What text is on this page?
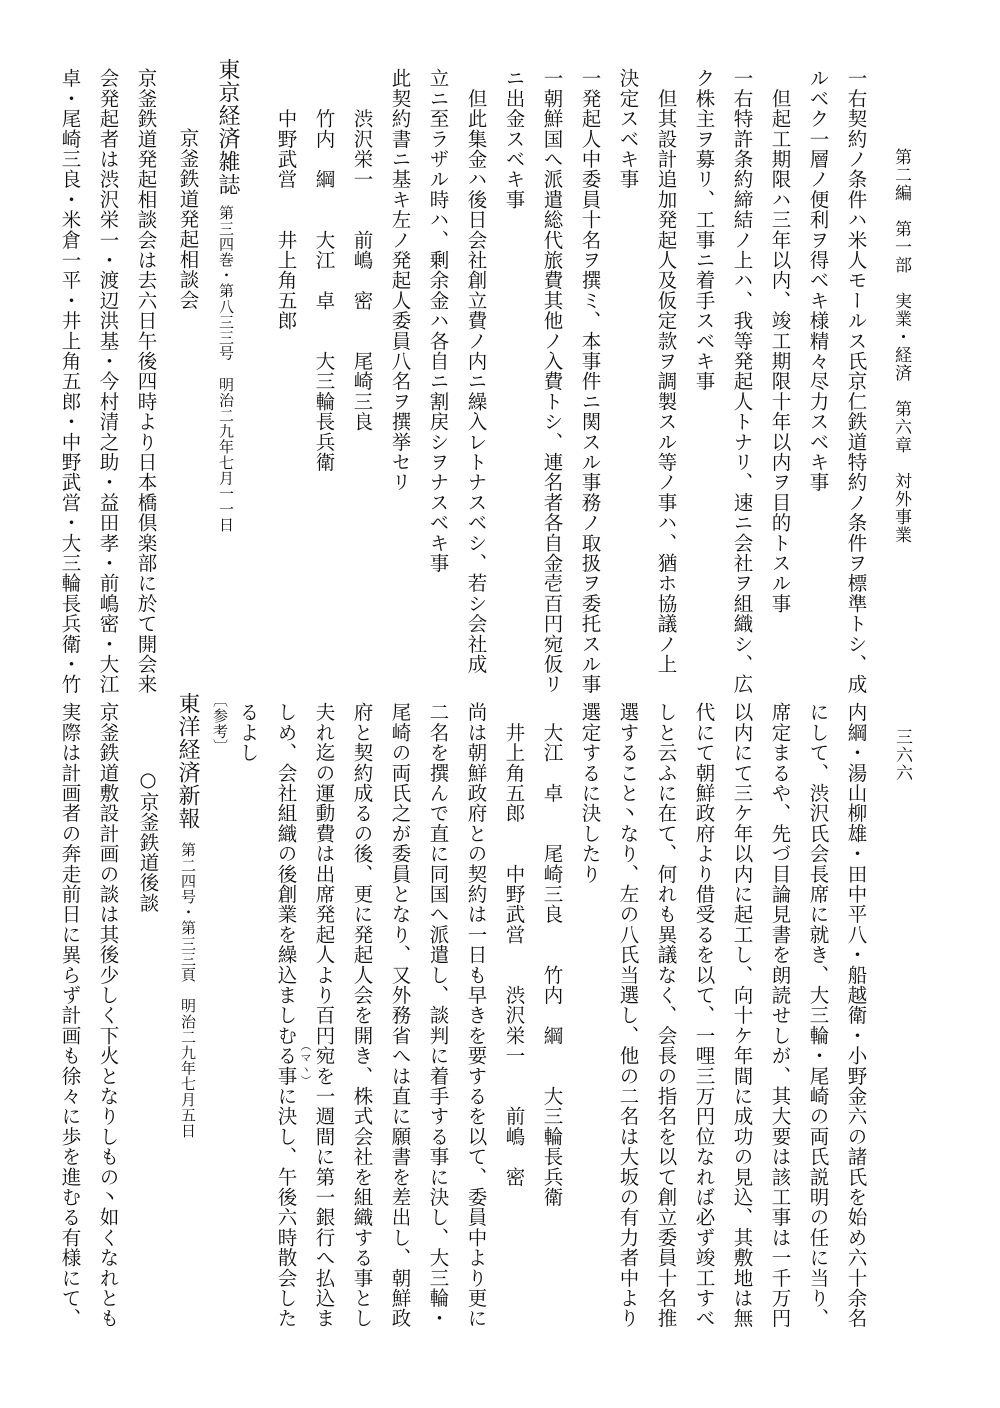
第二編　第一部　実業・経済　第六章　対外事業
三六六
一右契約ノ条件ハ米人モールス氏京仁鉄道特約ノ条件ヲ標準トシ、成
ルベク一層ノ便利ヲ得ベキ様精々尽力スベキ事
　但起工期限ハ三年以内、竣工期限十年以内ヲ目的トスル事
一右特許条約締結ノ上ハ、我等発起人トナリ、速ニ会社ヲ組織シ、広
ク株主ヲ募リ、工事ニ着手スベキ事
　但其設計追加発起人及仮定款ヲ調製スル等ノ事ハ、猶ホ協議ノ上
決定スベキ事
一発起人中委員十名ヲ撰ミ、本事件ニ関スル事務ノ取扱ヲ委托スル事
一朝鮮国へ派遣総代旅費其他ノ入費トシ、連名者各自金壱百円宛仮リ
ニ出金スベキ事
　但此集金ハ後日会社創立費ノ内ニ繰入レトナスベシ、若シ会社成
立ニ至ラザル時ハ、剰余金ハ各自ニ割戻シヲナスベキ事
此契約書ニ基キ左ノ発起人委員八名ヲ撰挙セリ
　　渋沢栄一　　前嶋　密　　尾崎三良
　　竹内　綱　　大江　卓　　大三輪長兵衛
　　中野武営　　井上角五郎
東京経済雑誌
第三四巻・第八三三号　明治二九年七月一一日
京釜鉄道発起相談会
京釜鉄道発起相談会は去六日午後四時より日本橋倶楽部に於て開会来
会発起者は渋沢栄一・渡辺洪基・今村清之助・益田孝・前嶋密・大江
卓・尾崎三良・米倉一平・井上角五郎・中野武営・大三輪長兵衛・竹
内綱・湯山柳雄・田中平八・船越衛・小野金六の諸氏を始め六十余名
にして、渋沢氏会長席に就き、大三輪・尾崎の両氏説明の任に当り、
席定まるや、先づ目論見書を朗読せしが、其大要は該工事は一千万円
以内にて三ケ年以内に起工し、向十ケ年間に成功の見込、其敷地は無
代にて朝鮮政府より借受るを以て、一哩三万円位なれば必ず竣工すべ
しと云ふに在て、何れも異議なく、会長の指名を以て創立委員十名推
選すること丶なり、左の八氏当選し、他の二名は大坂の有力者中より
選定するに決したり
　大江　卓　　尾崎三良　　竹内　綱　　大三輪長兵衛
　井上角五郎　　中野武営　　渋沢栄一　　前嶋　密
尚は朝鮮政府との契約は一日も早きを要するを以て、委員中より更に
二名を撰んで直に同国へ派遣し、談判に着手する事に決し、大三輪・
尾崎の両氏之が委員となり、又外務省へは直に願書を差出し、朝鮮政
府と契約成るの後、更に発起人会を開き、株式会社を組織する事とし
夫れ迄の運動費は出席発起人より百円宛を一週間に第一銀行へ払込ま
しめ、会社組織の後創業を繰込ましむる事に決し、午後六時散会した
るよし
（マヽ）
〔参考〕
東洋経済新報
第二四号・第三三頁　明治二九年七月五日
○京釜鉄道後談
京釜鉄道敷設計画の談は其後少しく下火となりしもの丶如くなれとも
実際は計画者の奔走前日に異らず計画も徐々に歩を進むる有様にて、
